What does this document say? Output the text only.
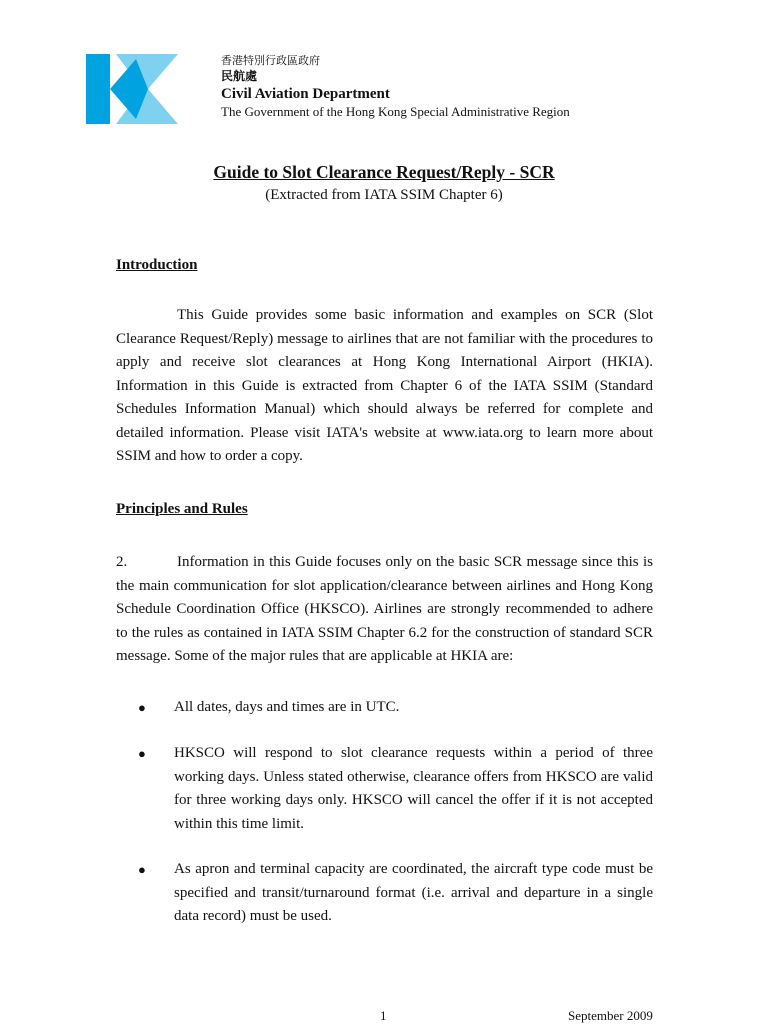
香港特別行政區政府
民航處
Civil Aviation Department
The Government of the Hong Kong Special Administrative Region
Guide to Slot Clearance Request/Reply - SCR
(Extracted from IATA SSIM Chapter 6)
Introduction

This Guide provides some basic information and examples on SCR (Slot Clearance Request/Reply) message to airlines that are not familiar with the procedures to apply and receive slot clearances at Hong Kong International Airport (HKIA). Information in this Guide is extracted from Chapter 6 of the IATA SSIM (Standard Schedules Information Manual) which should always be referred for complete and detailed information. Please visit IATA's website at www.iata.org to learn more about SSIM and how to order a copy.

Principles and Rules

2.	Information in this Guide focuses only on the basic SCR message since this is the main communication for slot application/clearance between airlines and Hong Kong Schedule Coordination Office (HKSCO). Airlines are strongly recommended to adhere to the rules as contained in IATA SSIM Chapter 6.2 for the construction of standard SCR message. Some of the major rules that are applicable at HKIA are:

● All dates, days and times are in UTC.
● HKSCO will respond to slot clearance requests within a period of three working days. Unless stated otherwise, clearance offers from HKSCO are valid for three working days only. HKSCO will cancel the offer if it is not accepted within this time limit.
● As apron and terminal capacity are coordinated, the aircraft type code must be specified and transit/turnaround format (i.e. arrival and departure in a single data record) must be used.
1	September 2009
